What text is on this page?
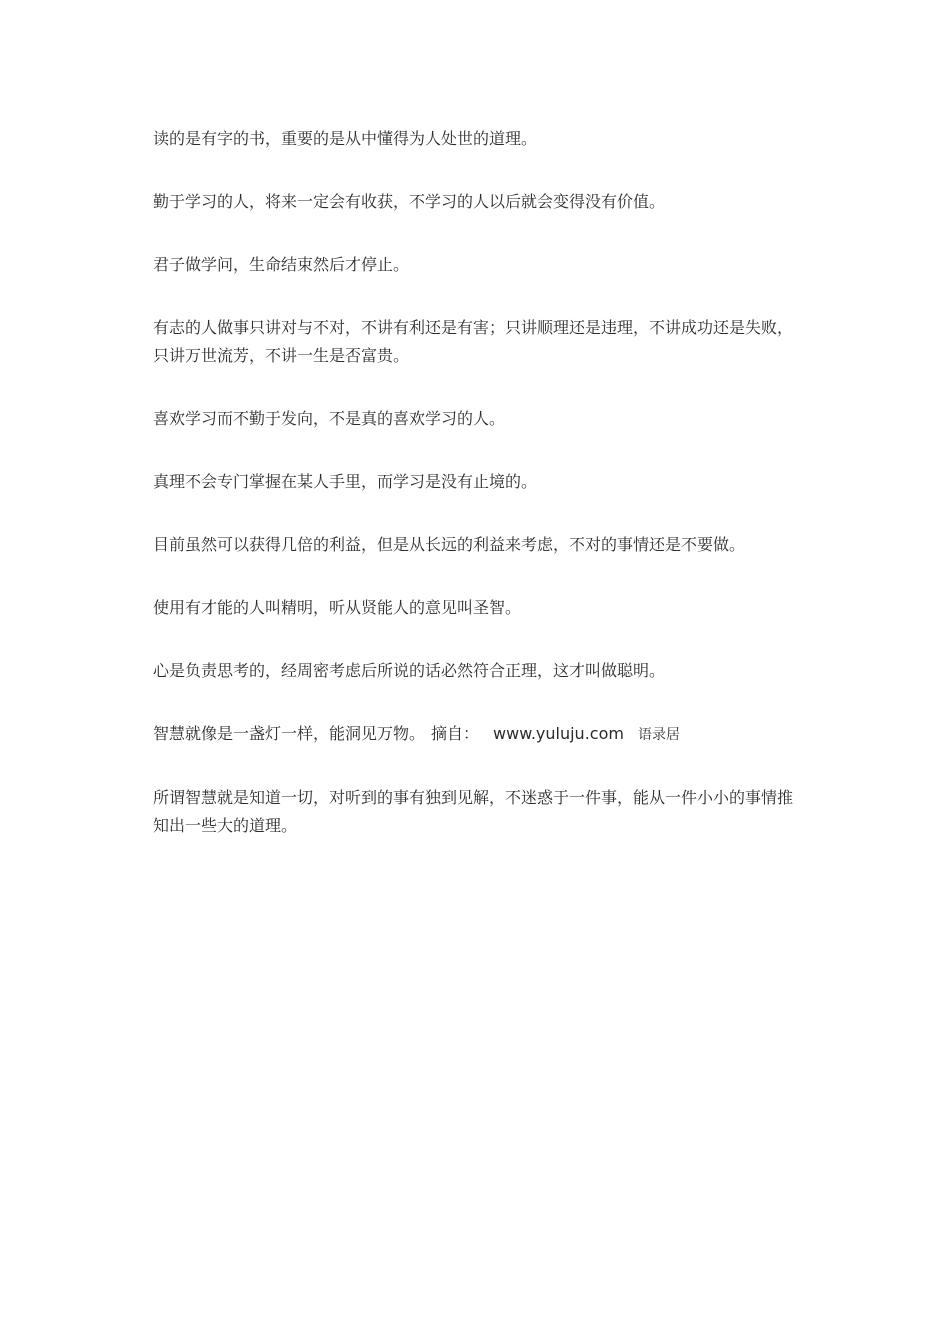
读的是有字的书，重要的是从中懂得为人处世的道理。

勤于学习的人，将来一定会有收获，不学习的人以后就会变得没有价值。

君子做学问，生命结束然后才停止。

有志的人做事只讲对与不对，不讲有利还是有害；只讲顺理还是违理，不讲成功还是失败，只讲万世流芳，不讲一生是否富贵。

喜欢学习而不勤于发向，不是真的喜欢学习的人。

真理不会专门掌握在某人手里，而学习是没有止境的。

目前虽然可以获得几倍的利益，但是从长远的利益来考虑，不对的事情还是不要做。

使用有才能的人叫精明，听从贤能人的意见叫圣智。

心是负责思考的，经周密考虑后所说的话必然符合正理，这才叫做聪明。

智慧就像是一盏灯一样，能洞见万物。 摘自： www.yuluju.com 语录居

所谓智慧就是知道一切，对听到的事有独到见解，不迷惑于一件事，能从一件小小的事情推知出一些大的道理。
